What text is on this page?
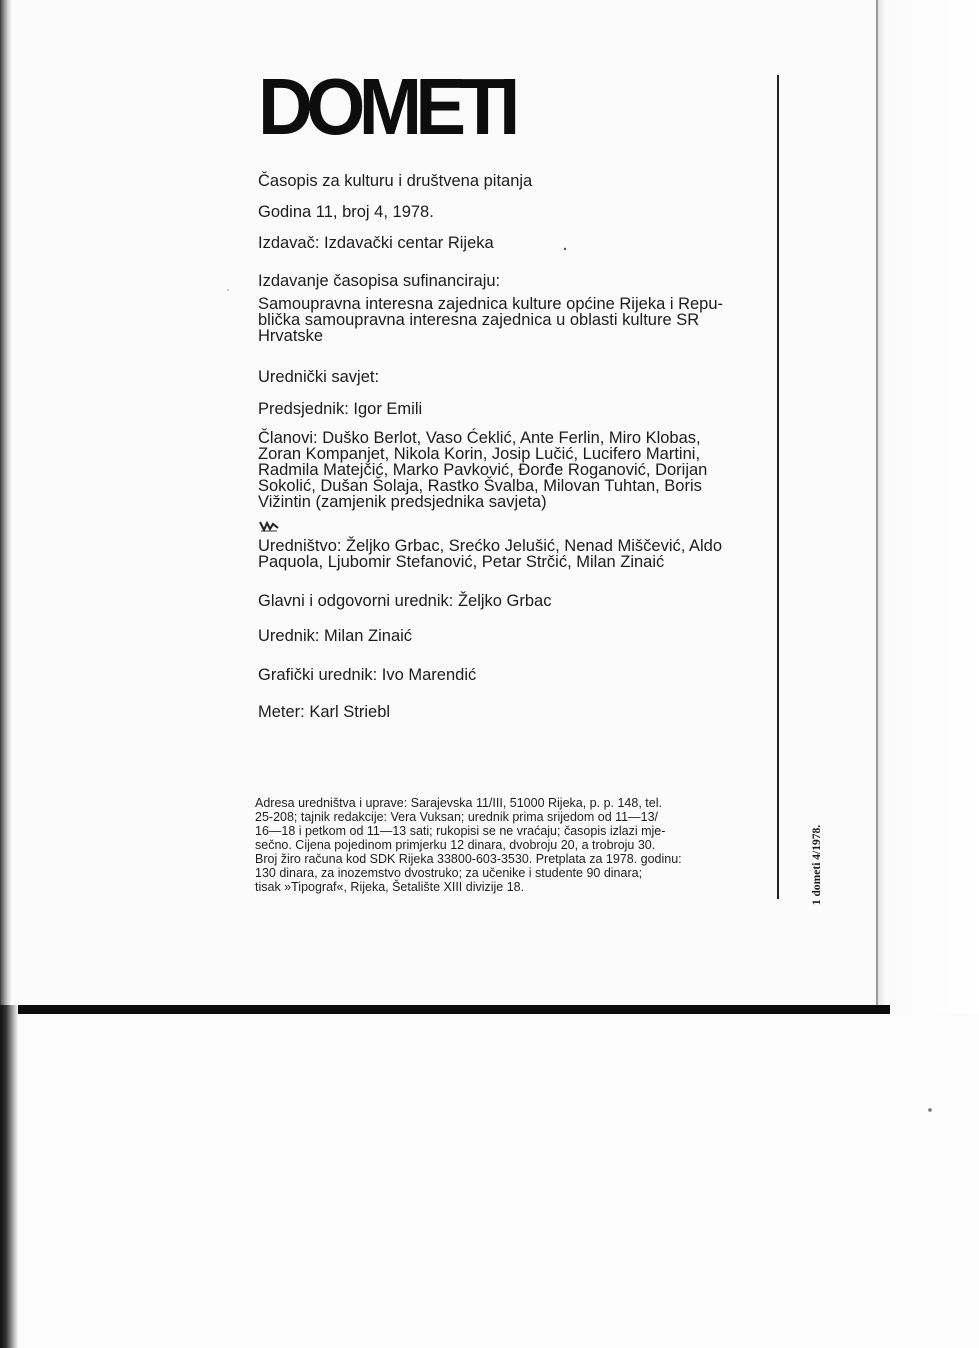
DOMETI
Časopis za kulturu i društvena pitanja
Godina 11, broj 4, 1978.
Izdavač: Izdavački centar Rijeka
Izdavanje časopisa sufinanciraju:
Samoupravna interesna zajednica kulture općine Rijeka i Repu-
blička samoupravna interesna zajednica u oblasti kulture SR
Hrvatske
Urednički savjet:
Predsjednik: Igor Emili
Članovi: Duško Berlot, Vaso Ćeklić, Ante Ferlin, Miro Klobas,
Zoran Kompanjet, Nikola Korin, Josip Lučić, Lucifero Martini,
Radmila Matejčić, Marko Pavković, Đorđe Roganović, Dorijan
Sokolić, Dušan Šolaja, Rastko Švalba, Milovan Tuhtan, Boris
Vižintin (zamjenik predsjednika savjeta)
Uredništvo: Željko Grbac, Srećko Jelušić, Nenad Miščević, Aldo
Paquola, Ljubomir Stefanović, Petar Strčić, Milan Zinaić
Glavni i odgovorni urednik: Željko Grbac
Urednik: Milan Zinaić
Grafički urednik: Ivo Marendić
Meter: Karl Striebl
Adresa uredništva i uprave: Sarajevska 11/III, 51000 Rijeka, p. p. 148, tel.
25-208; tajnik redakcije: Vera Vuksan; urednik prima srijedom od 11—13/
16—18 i petkom od 11—13 sati; rukopisi se ne vraćaju; časopis izlazi mje-
sečno. Cijena pojedinom primjerku 12 dinara, dvobroju 20, a trobroju 30.
Broj žiro računa kod SDK Rijeka 33800-603-3530. Pretplata za 1978. godinu:
130 dinara, za inozemstvo dvostruko; za učenike i studente 90 dinara;
tisak »Tipograf«, Rijeka, Šetalište XIII divizije 18.	1 dometi 4/1978.
